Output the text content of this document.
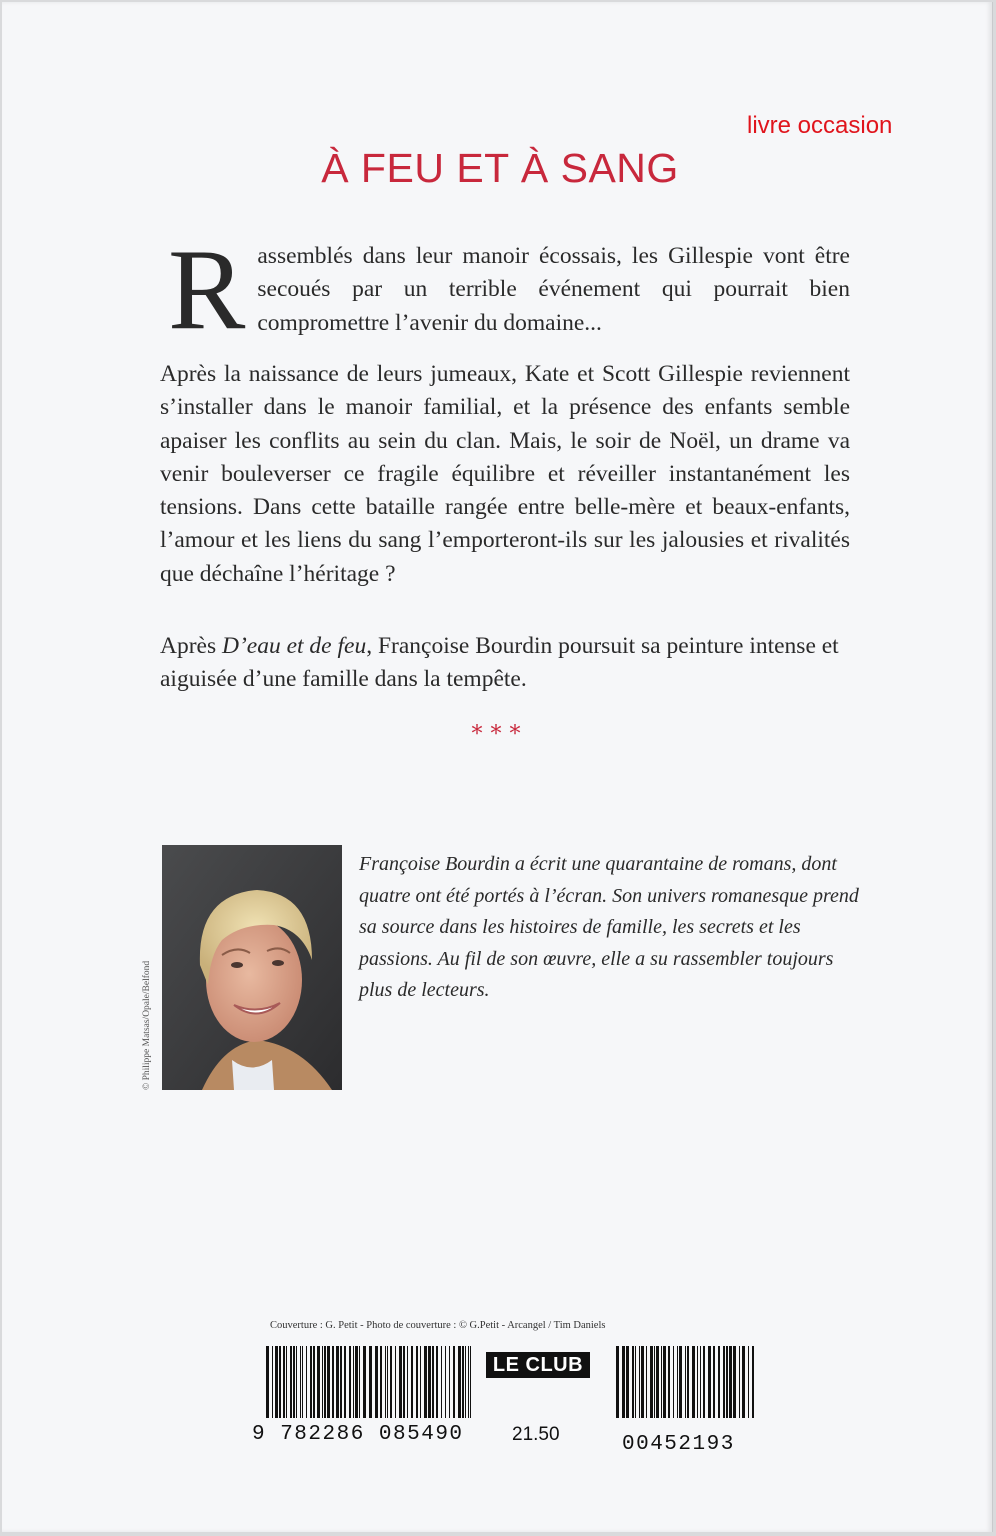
livre occasion
À FEU ET À SANG
Rassemblés dans leur manoir écossais, les Gillespie vont être secoués par un terrible événement qui pourrait bien compromettre l’avenir du domaine...
Après la naissance de leurs jumeaux, Kate et Scott Gillespie reviennent s’installer dans le manoir familial, et la présence des enfants semble apaiser les conflits au sein du clan. Mais, le soir de Noël, un drame va venir bouleverser ce fragile équilibre et réveiller instantanément les tensions. Dans cette bataille rangée entre belle-mère et beaux-enfants, l’amour et les liens du sang l’emporteront-ils sur les jalousies et rivalités que déchaîne l’héritage ?
Après D’eau et de feu, Françoise Bourdin poursuit sa peinture intense et aiguisée d’une famille dans la tempête.
***
© Philippe Matsas/Opale/Belfond
Françoise Bourdin a écrit une quarantaine de romans, dont quatre ont été portés à l’écran. Son univers romanesque prend sa source dans les histoires de famille, les secrets et les passions. Au fil de son œuvre, elle a su rassembler toujours plus de lecteurs.
Couverture : G. Petit - Photo de couverture : © G.Petit - Arcangel / Tim Daniels
9 782286 085490
LE CLUB
21.50	00452193
